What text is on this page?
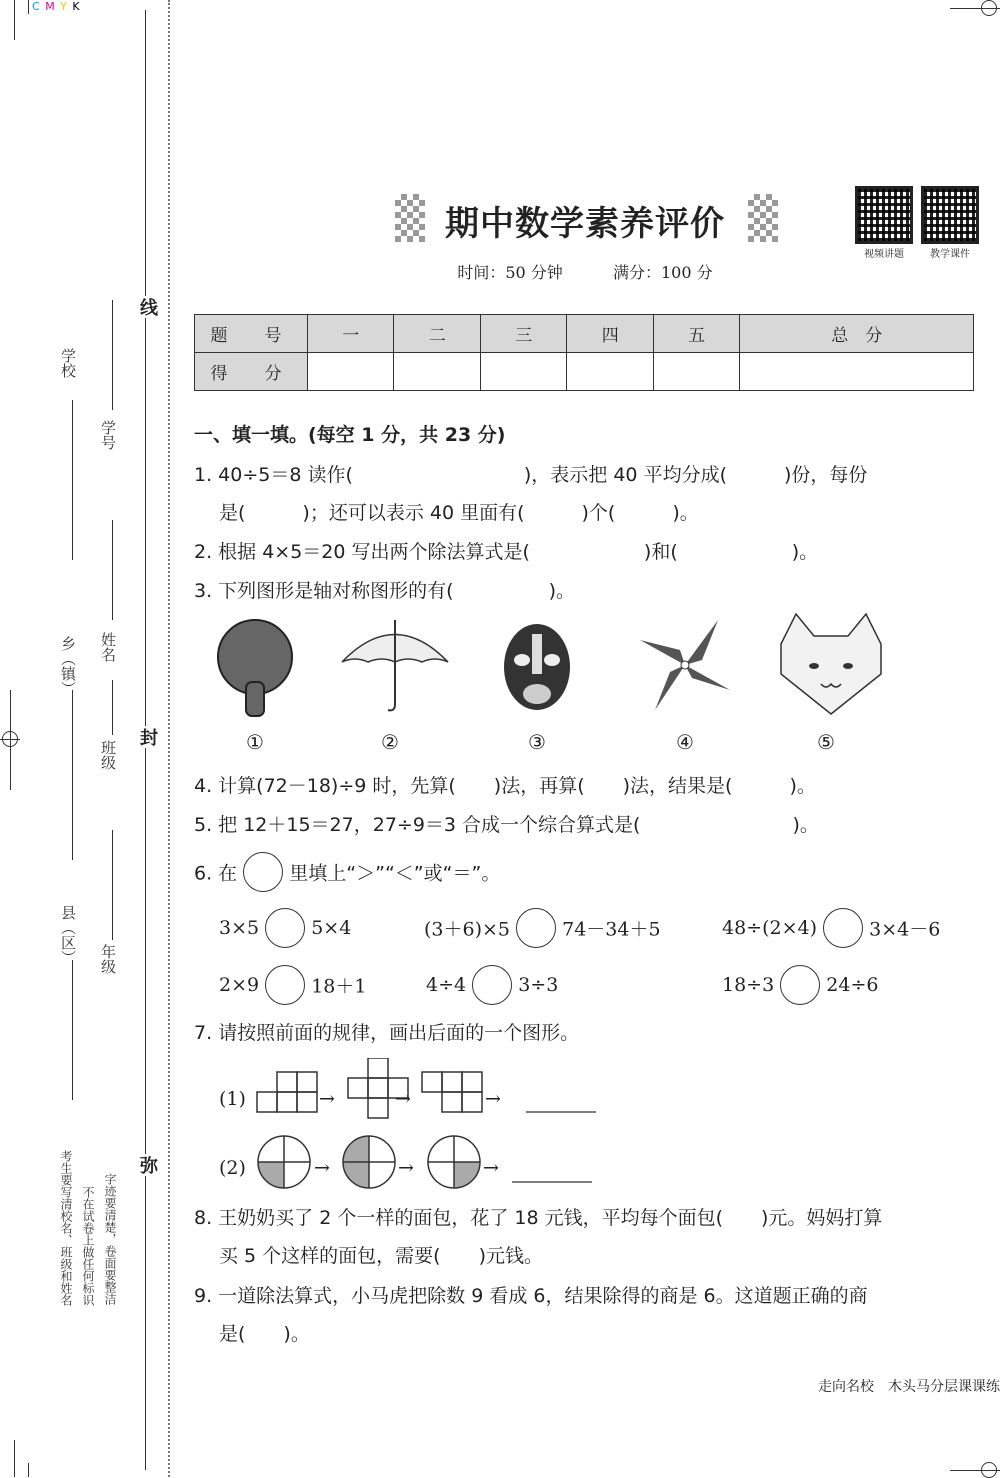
C M Y K
线
封
弥
学校
乡（镇）
县（区）
学号
姓名
班级
年级
考生要写清校名、班级和姓名 不在试卷上做任何标识 字迹要清楚，卷面要整洁
期中数学素养评价
视频讲题	教学课件
时间：50 分钟	满分：100 分
题　号	一	二	三	四	五	总　分
得　分						
一、填一填。(每空 1 分，共 23 分)
1. 40÷5＝8 读作(　　　　　　　　　)，表示把 40 平均分成(　　　)份，每份
是(　　　)；还可以表示 40 里面有(　　　)个(　　　)。
2. 根据 4×5＝20 写出两个除法算式是(　　　　　　)和(　　　　　　)。
3. 下列图形是轴对称图形的有(　　　　　)。
①	②	③	④	⑤
4. 计算(72－18)÷9 时，先算(　　)法，再算(　　)法，结果是(　　　)。
5. 把 12＋15＝27，27÷9＝3 合成一个综合算式是(　　　　　　　　)。
6. 在	里填上“＞”“＜”或“＝”。
3×5	5×4	(3＋6)×5	74－34＋5	48÷(2×4)	3×4－6
2×9	18＋1	4÷4	3÷3	18÷3	24÷6
7. 请按照前面的规律，画出后面的一个图形。
(1)	→	→	→
(2)	→	→	→
8. 王奶奶买了 2 个一样的面包，花了 18 元钱，平均每个面包(　　)元。妈妈打算
买 5 个这样的面包，需要(　　)元钱。
9. 一道除法算式，小马虎把除数 9 看成 6，结果除得的商是 6。这道题正确的商
是(　　)。
走向名校　木头马分层课课练
